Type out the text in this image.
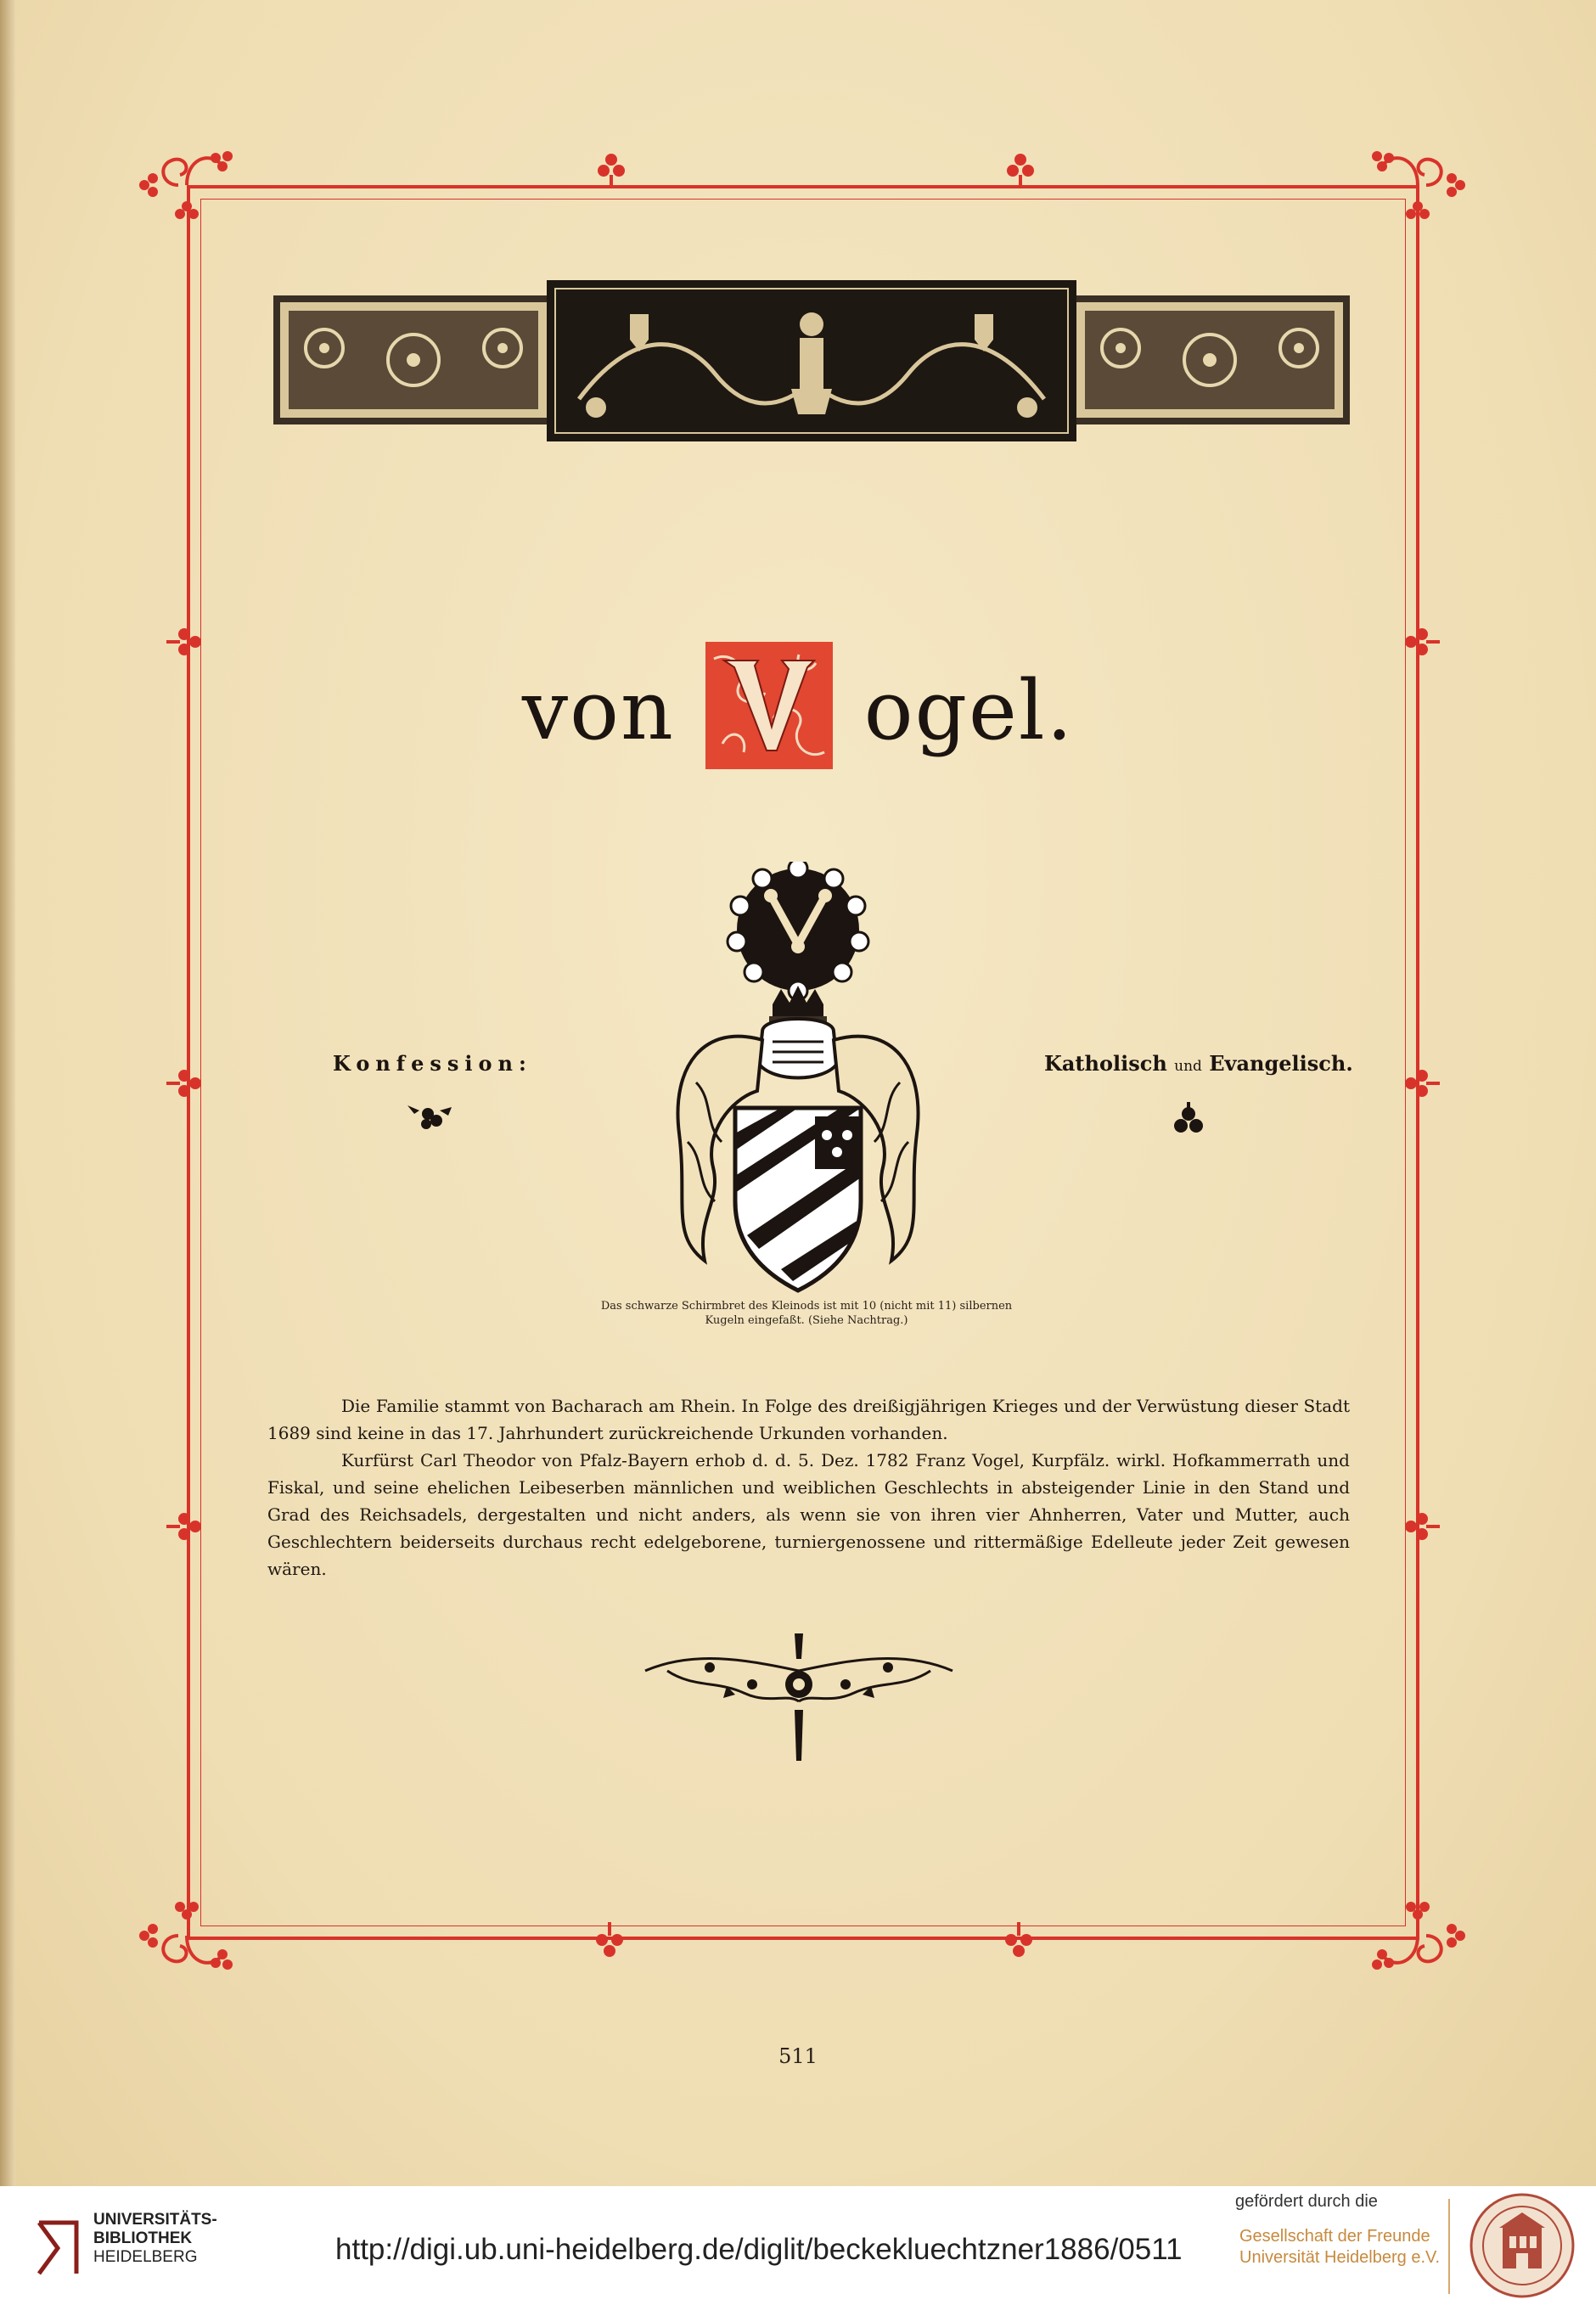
von ogel.
Konfession:	Katholisch und Evangelisch.
Das schwarze Schirmbret des Kleinods ist mit 10 (nicht mit 11) silbernen Kugeln eingefaßt. (Siehe Nachtrag.)

Die Familie stammt von Bacharach am Rhein. In Folge des dreißigjährigen Krieges und der Verwüstung dieser Stadt 1689 sind keine in das 17. Jahrhundert zurückreichende Urkunden vorhanden.

Kurfürst Carl Theodor von Pfalz-Bayern erhob d. d. 5. Dez. 1782 Franz Vogel, Kurpfälz. wirkl. Hofkammerrath und Fiskal, und seine ehelichen Leibeserben männlichen und weiblichen Geschlechts in absteigender Linie in den Stand und Grad des Reichsadels, dergestalten und nicht anders, als wenn sie von ihren vier Ahnherren, Vater und Mutter, auch Geschlechtern beiderseits durchaus recht edelgeborene, turniergenossene und rittermäßige Edelleute jeder Zeit gewesen wären.

511
UNIVERSITÄTS-
BIBLIOTHEK
HEIDELBERG	http://digi.ub.uni-heidelberg.de/diglit/beckekluechtzner1886/0511
gefördert durch die
Gesellschaft der Freunde
Universität Heidelberg e.V.
